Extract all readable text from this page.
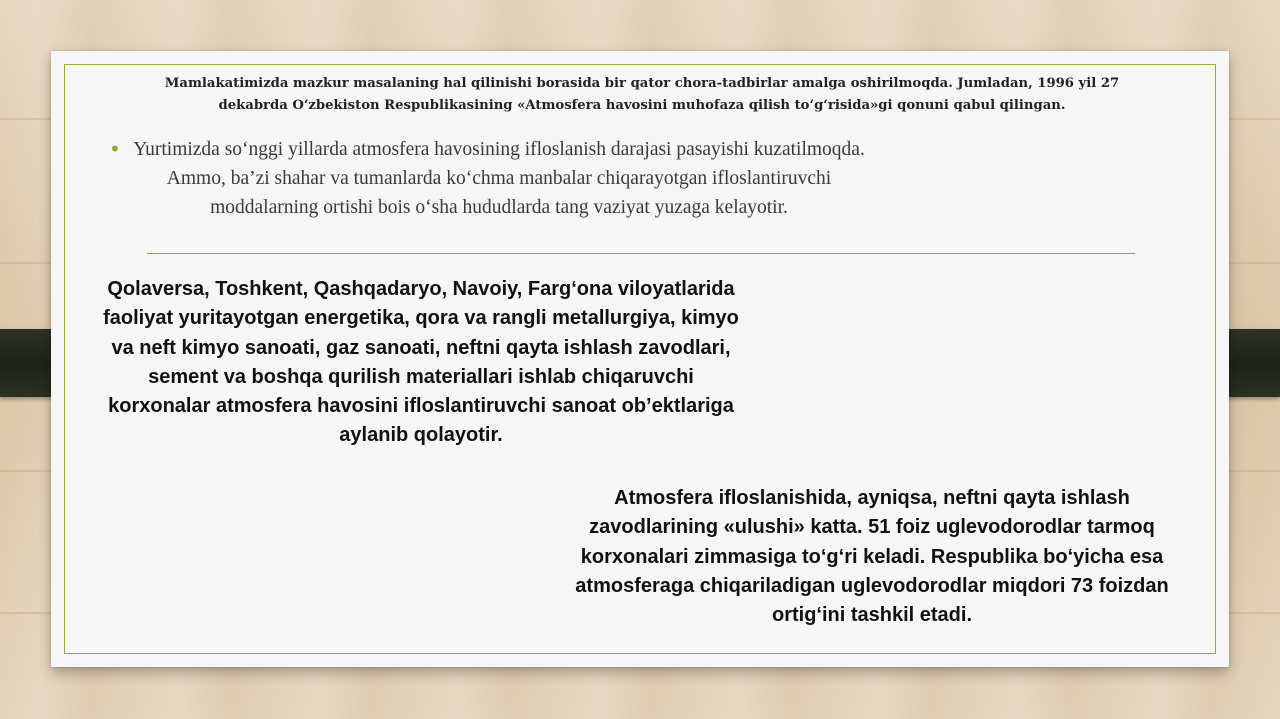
Mamlakatimizda mazkur masalaning hal qilinishi borasida bir qator chora-tadbirlar amalga oshirilmoqda. Jumladan, 1996 yil 27 dekabrda O‘zbekiston Respublikasining «Atmosfera havosini muhofaza qilish to‘g‘risida»gi qonuni qabul qilingan.

• Yurtimizda so‘nggi yillarda atmosfera havosining ifloslanish darajasi pasayishi kuzatilmoqda. Ammo, ba’zi shahar va tumanlarda ko‘chma manbalar chiqarayotgan ifloslantiruvchi moddalarning ortishi bois o‘sha hududlarda tang vaziyat yuzaga kelayotir.

Qolaversa, Toshkent, Qashqadaryo, Navoiy, Farg‘ona viloyatlarida faoliyat yuritayotgan energetika, qora va rangli metallurgiya, kimyo va neft kimyo sanoati, gaz sanoati, neftni qayta ishlash zavodlari, sement va boshqa qurilish materiallari ishlab chiqaruvchi korxonalar atmosfera havosini ifloslantiruvchi sanoat ob’ektlariga aylanib qolayotir.

Atmosfera ifloslanishida, ayniqsa, neftni qayta ishlash zavodlarining «ulushi» katta. 51 foiz uglevodorodlar tarmoq korxonalari zimmasiga to‘g‘ri keladi. Respublika bo‘yicha esa atmosferaga chiqariladigan uglevodorodlar miqdori 73 foizdan ortig‘ini tashkil etadi.
